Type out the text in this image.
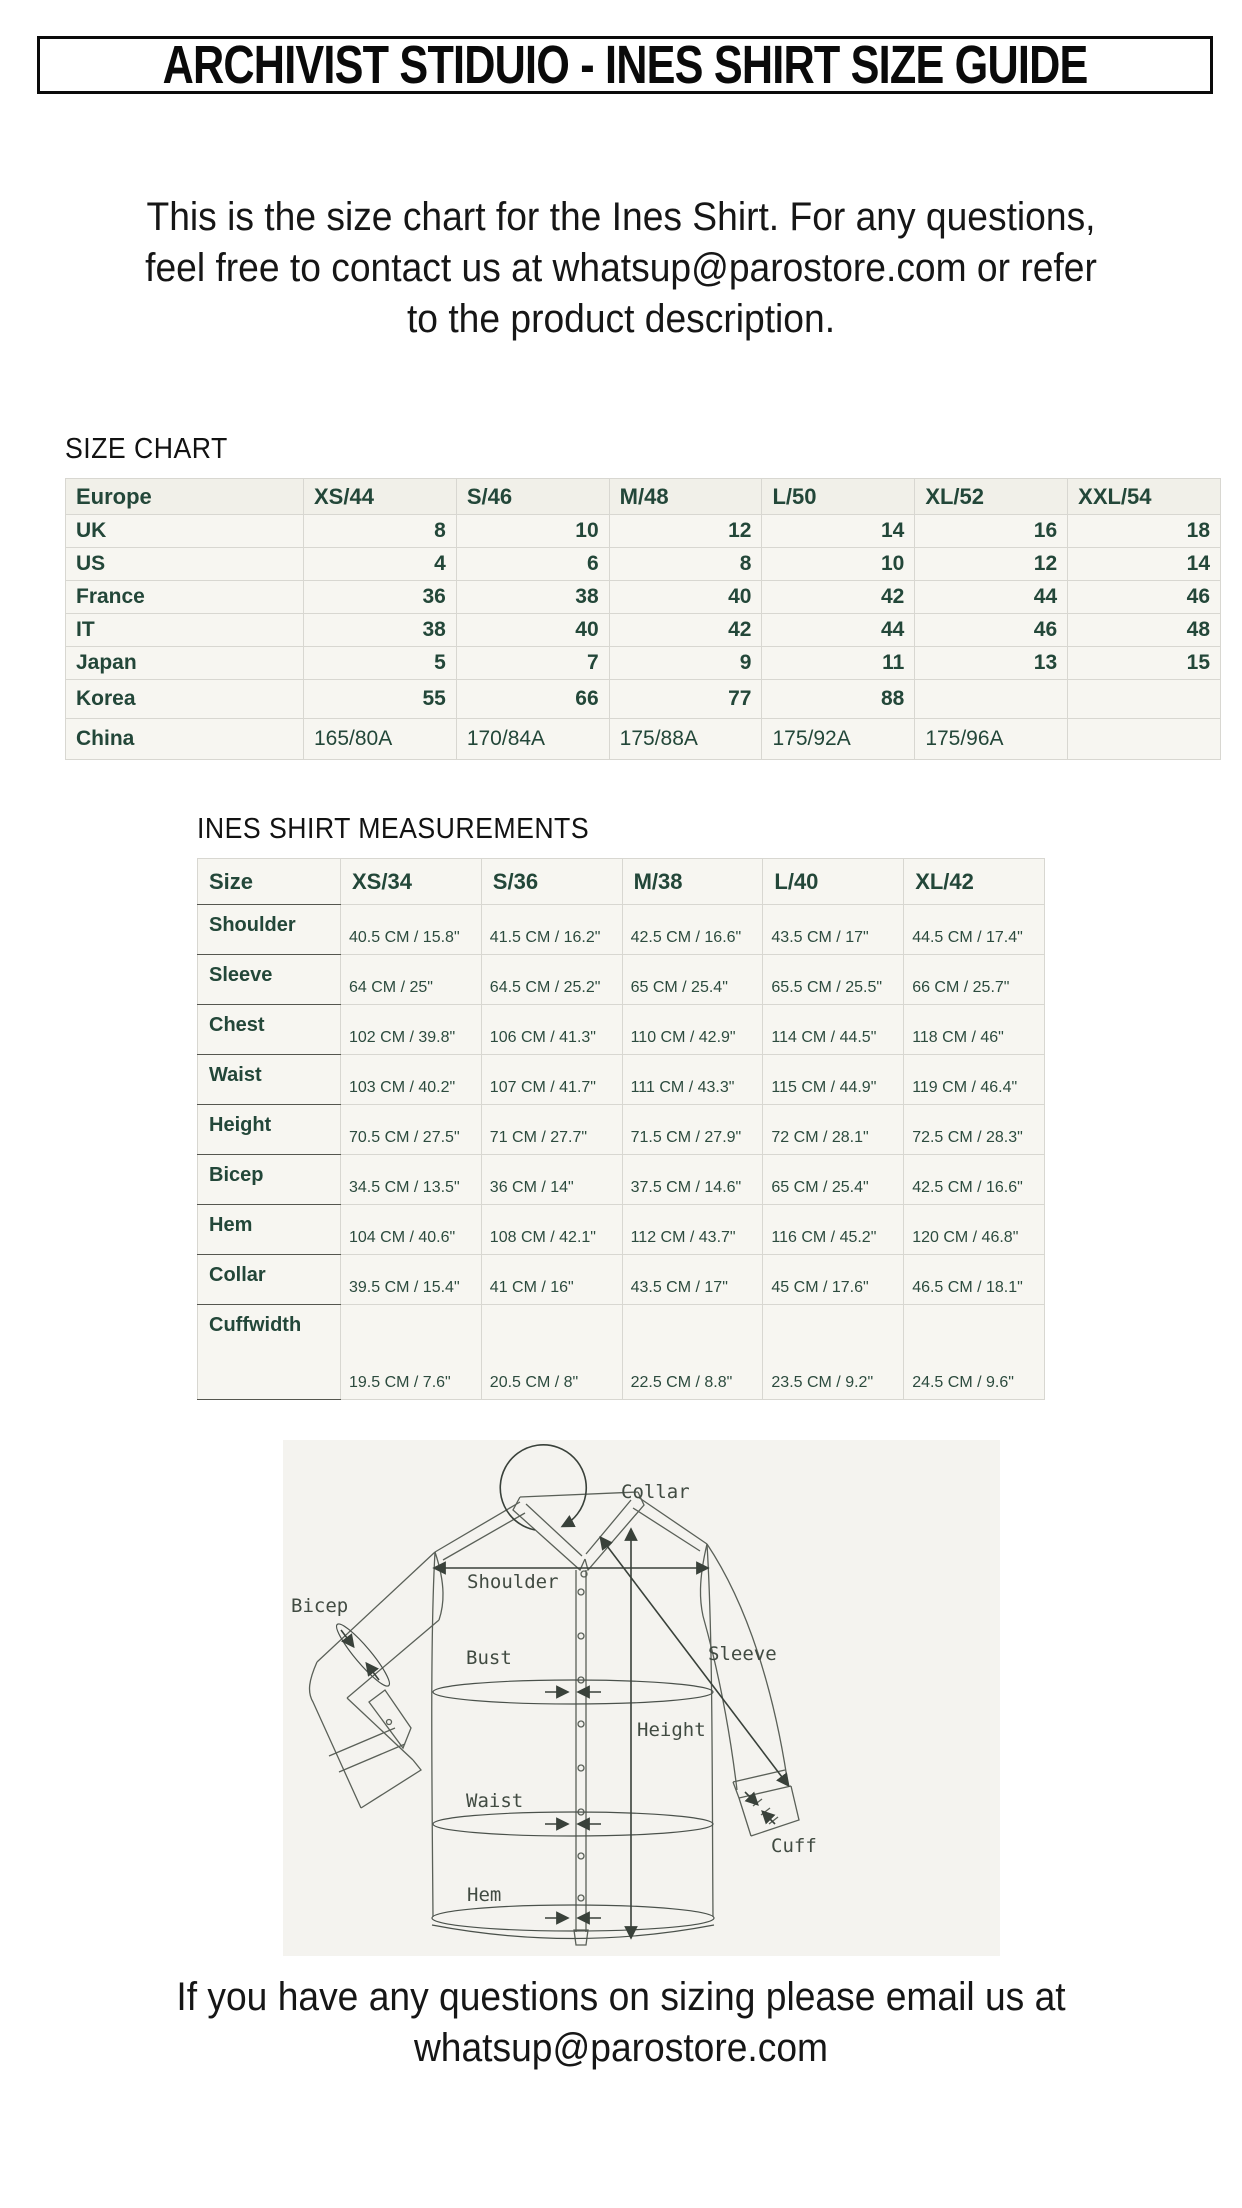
ARCHIVIST STIDUIO - INES SHIRT SIZE GUIDE
This is the size chart for the Ines Shirt. For any questions,
feel free to contact us at whatsup@parostore.com or refer
to the product description.
SIZE CHART
Europe	XS/44	S/46	M/48	L/50	XL/52	XXL/54
UK	8	10	12	14	16	18
US	4	6	8	10	12	14
France	36	38	40	42	44	46
IT	38	40	42	44	46	48
Japan	5	7	9	11	13	15
Korea	55	66	77	88		
China	165/80A	170/84A	175/88A	175/92A	175/96A	
INES SHIRT MEASUREMENTS
Size	XS/34	S/36	M/38	L/40	XL/42
Shoulder	40.5 CM / 15.8"	41.5 CM / 16.2"	42.5 CM / 16.6"	43.5 CM / 17"	44.5 CM / 17.4"
Sleeve	64 CM / 25"	64.5 CM / 25.2"	65 CM / 25.4"	65.5 CM / 25.5"	66 CM / 25.7"
Chest	102 CM / 39.8"	106 CM / 41.3"	110 CM / 42.9"	114 CM / 44.5"	118 CM / 46"
Waist	103 CM / 40.2"	107 CM / 41.7"	111 CM / 43.3"	115 CM / 44.9"	119 CM / 46.4"
Height	70.5 CM / 27.5"	71 CM / 27.7"	71.5 CM / 27.9"	72 CM / 28.1"	72.5 CM / 28.3"
Bicep	34.5 CM / 13.5"	36 CM / 14"	37.5 CM / 14.6"	65 CM / 25.4"	42.5 CM / 16.6"
Hem	104 CM / 40.6"	108 CM / 42.1"	112 CM / 43.7"	116 CM / 45.2"	120 CM / 46.8"
Collar	39.5 CM / 15.4"	41 CM / 16"	43.5 CM / 17"	45 CM / 17.6"	46.5 CM / 18.1"
Cuffwidth	19.5 CM / 7.6"	20.5 CM / 8"	22.5 CM / 8.8"	23.5 CM / 9.2"	24.5 CM / 9.6"
Collar
Shoulder
Bicep
Bust
Height
Sleeve
Waist
Cuff
Hem
If you have any questions on sizing please email us at
whatsup@parostore.com
